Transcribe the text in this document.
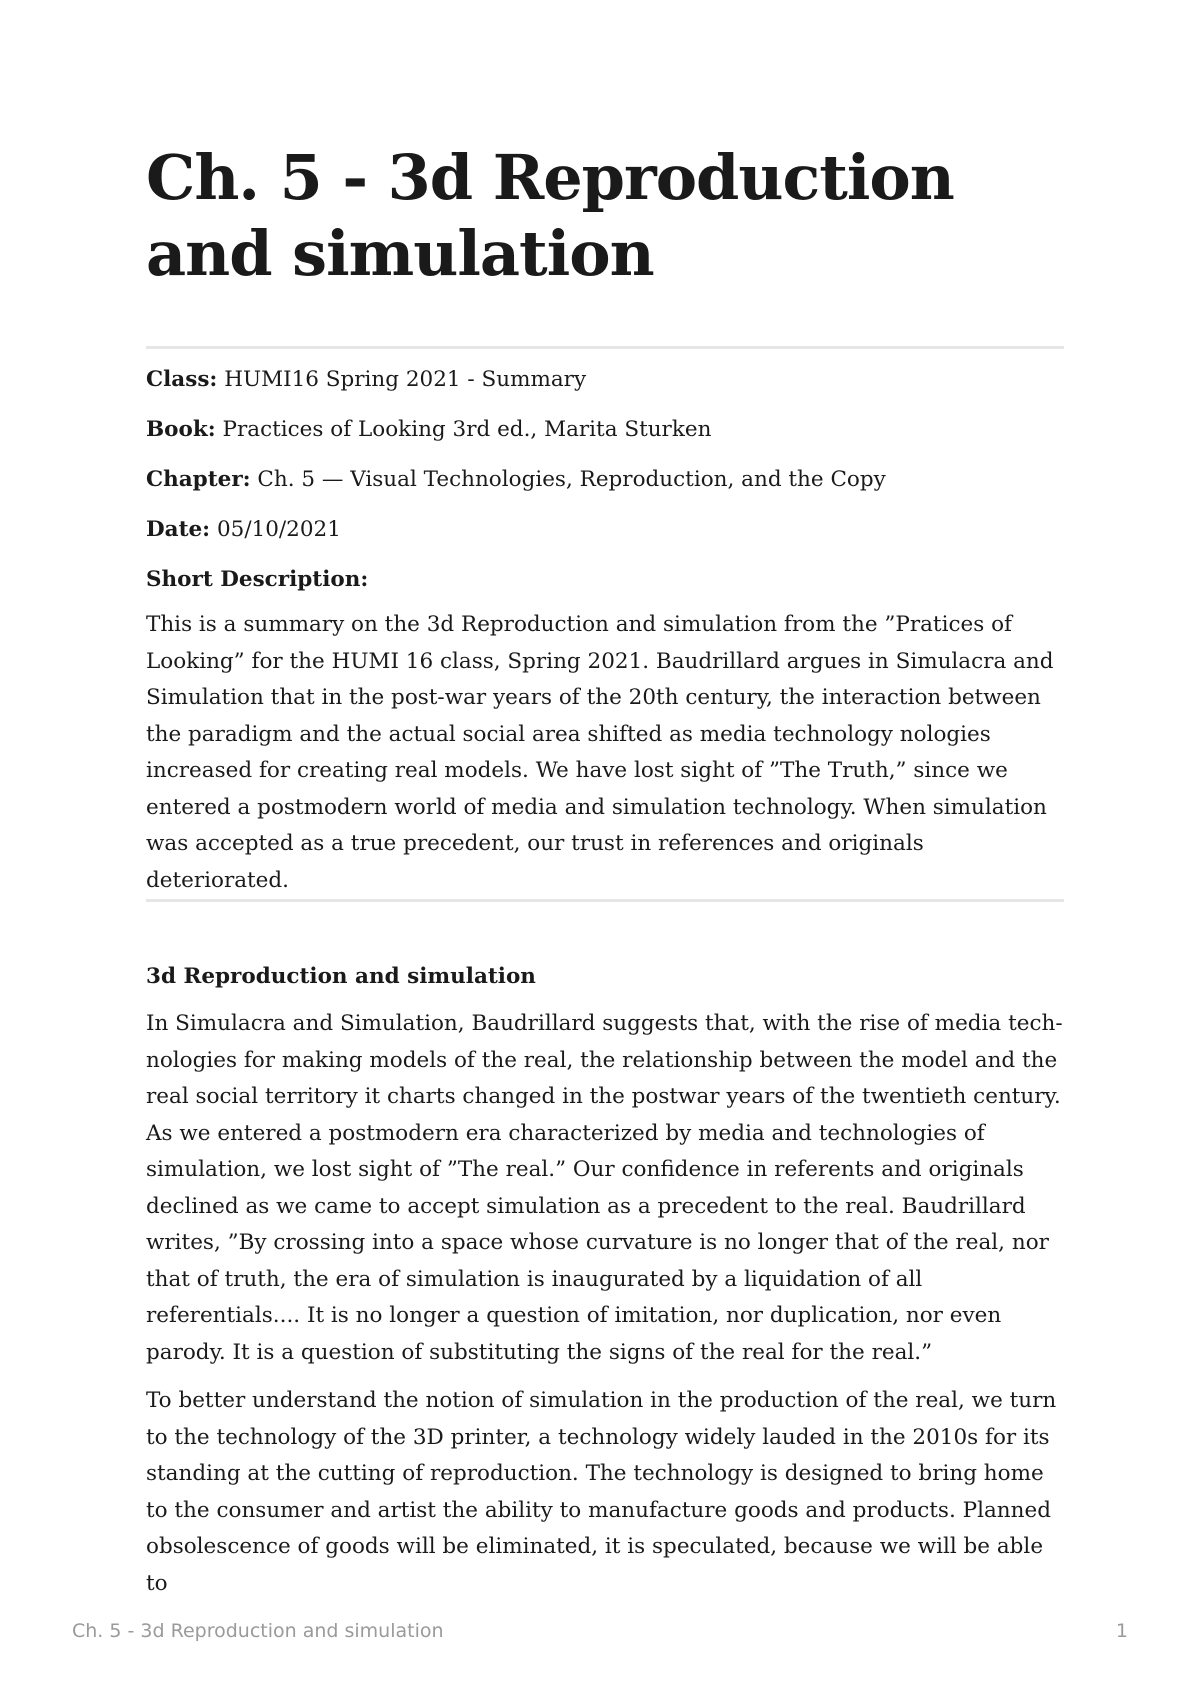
Ch. 5 - 3d Reproduction and simulation
Class: HUMI16 Spring 2021 - Summary
Book: Practices of Looking 3rd ed., Marita Sturken
Chapter: Ch. 5 — Visual Technologies, Reproduction, and the Copy
Date: 05/10/2021
Short Description:

This is a summary on the 3d Reproduction and simulation from the ”Pratices of Looking” for the HUMI 16 class, Spring 2021. Baudrillard argues in Simulacra and Simulation that in the post-war years of the 20th century, the interaction between the paradigm and the actual social area shifted as media technology nologies increased for creating real models. We have lost sight of ”The Truth,” since we entered a postmodern world of media and simulation technology. When simulation was accepted as a true precedent, our trust in references and originals deteriorated.

3d Reproduction and simulation

In Simulacra and Simulation, Baudrillard suggests that, with the rise of media technologies for making models of the real, the relationship between the model and the real social territory it charts changed in the postwar years of the twentieth century. As we entered a postmodern era characterized by media and technologies of simulation, we lost sight of ”The real.” Our confidence in referents and originals declined as we came to accept simulation as a precedent to the real. Baudrillard writes, ”By crossing into a space whose curvature is no longer that of the real, nor that of truth, the era of simulation is inaugurated by a liquidation of all referentials.... It is no longer a question of imitation, nor duplication, nor even parody. It is a question of substituting the signs of the real for the real.”

To better understand the notion of simulation in the production of the real, we turn to the technology of the 3D printer, a technology widely lauded in the 2010s for its standing at the cutting of reproduction. The technology is designed to bring home to the consumer and artist the ability to manufacture goods and products. Planned obsolescence of goods will be eliminated, it is speculated, because we will be able to

Ch. 5 - 3d Reproduction and simulation	1
